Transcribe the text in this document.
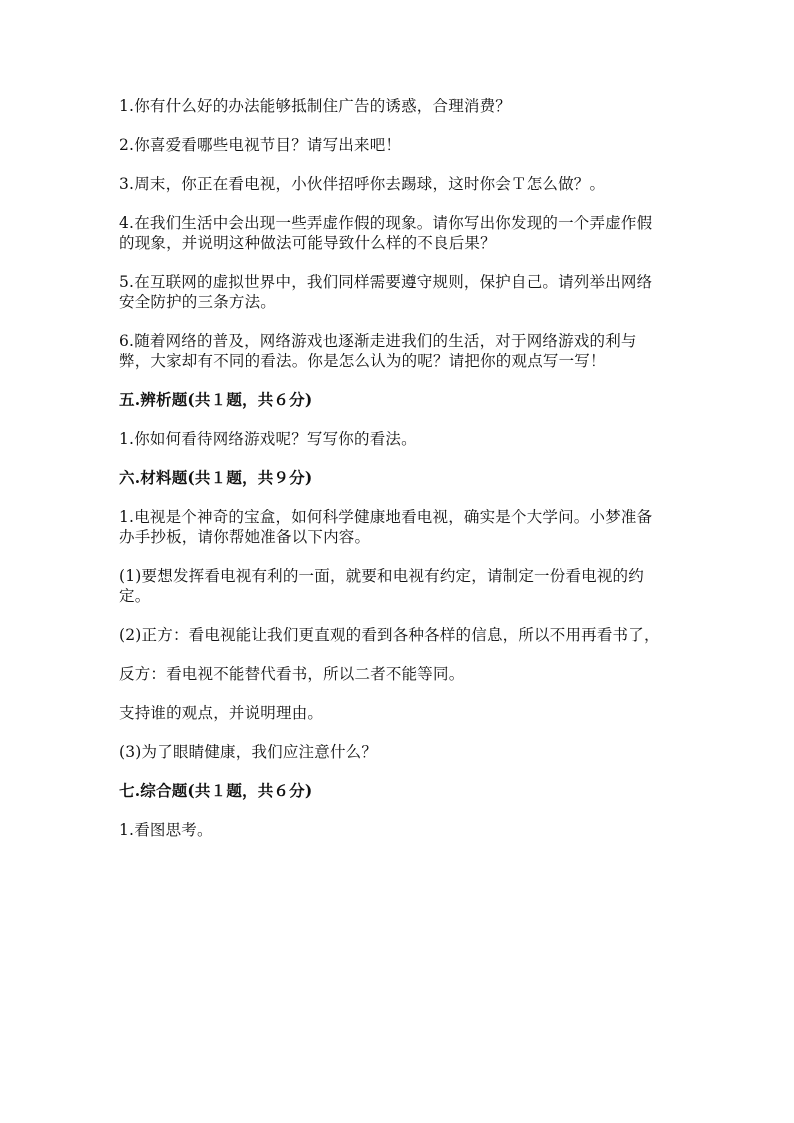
1.你有什么好的办法能够抵制住广告的诱惑，合理消费？

2.你喜爱看哪些电视节目？请写出来吧！

3.周末，你正在看电视，小伙伴招呼你去踢球，这时你会Ｔ怎么做？。

4.在我们生活中会出现一些弄虚作假的现象。请你写出你发现的一个弄虚作假

的现象，并说明这种做法可能导致什么样的不良后果？

5.在互联网的虚拟世界中，我们同样需要遵守规则，保护自己。请列举出网络

安全防护的三条方法。

6.随着网络的普及，网络游戏也逐渐走进我们的生活，对于网络游戏的利与

弊，大家却有不同的看法。你是怎么认为的呢？请把你的观点写一写！

五.辨析题(共１题，共６分)

1.你如何看待网络游戏呢？写写你的看法。

六.材料题(共１题，共９分)

1.电视是个神奇的宝盒，如何科学健康地看电视，确实是个大学问。小梦准备

办手抄板，请你帮她准备以下内容。

(1)要想发挥看电视有利的一面，就要和电视有约定，请制定一份看电视的约

定。

(2)正方：看电视能让我们更直观的看到各种各样的信息，所以不用再看书了，

反方：看电视不能替代看书，所以二者不能等同。

支持谁的观点，并说明理由。

(3)为了眼睛健康，我们应注意什么？

七.综合题(共１题，共６分)

1.看图思考。
